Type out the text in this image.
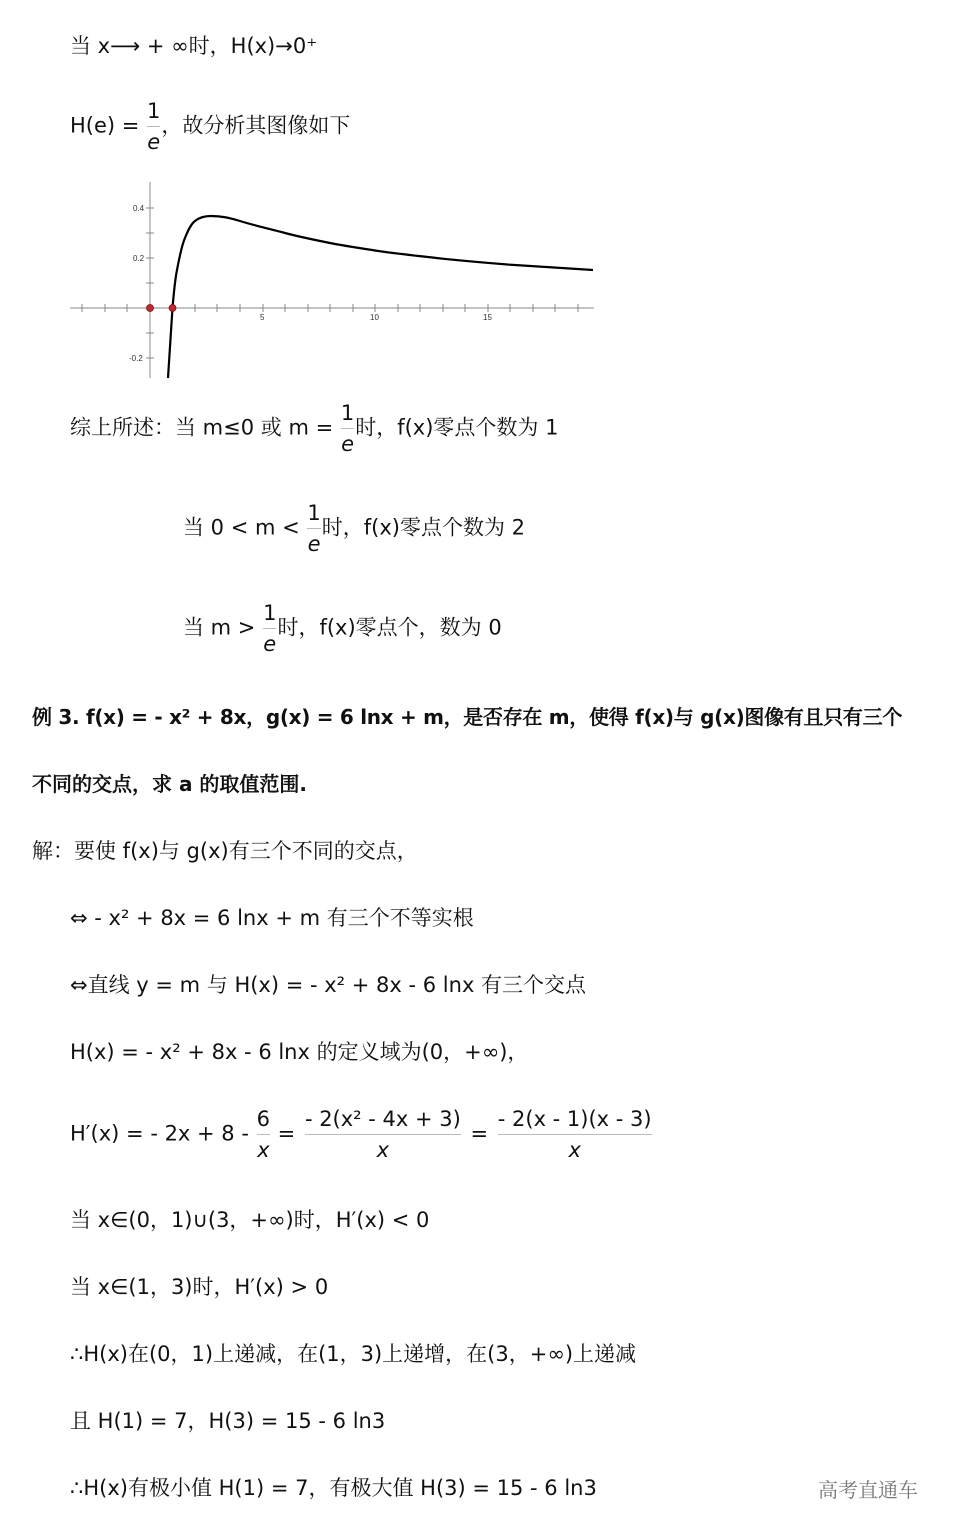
当 x⟶ + ∞时，H(x)→0⁺
$H(e) = \frac{1}{e}$ ，故分析其图像如下
5	10	15
0.4
0.2
-0.2
综上所述：当 m≤0 或 $m = \frac{1}{e}$ 时，f(x)零点个数为 1
当 $0 < m < \frac{1}{e}$ 时，f(x)零点个数为 2
当 $m > \frac{1}{e}$ 时，f(x)零点个，数为 0
例 3. f(x) = - x² + 8x，g(x) = 6 lnx + m，是否存在 m，使得 f(x)与 g(x)图像有且只有三个
不同的交点，求 a 的取值范围.
解：要使 f(x)与 g(x)有三个不同的交点，
⇔ - x² + 8x = 6 lnx + m 有三个不等实根
⇔直线 y = m 与 H(x) = - x² + 8x - 6 lnx 有三个交点
H(x) = - x² + 8x - 6 lnx 的定义域为(0，+∞)，
H′(x) = - $2x + 8 - \frac{6}{x} = \frac{\text{- 2(x² - 4x + 3)}}{x} = \frac{- 2(x - 1)(x - 3)}{x}$
当 x∈(0，1)∪(3，+∞)时，H′(x) < 0
当 x∈(1，3)时，H′(x) > 0
∴H(x)在(0，1)上递减，在(1，3)上递增，在(3，+∞)上递减
且 H(1) = 7，H(3) = 15 - 6 ln3
∴H(x)有极小值 H(1) = 7，有极大值 H(3) = 15 - 6 ln3	高考直通车
